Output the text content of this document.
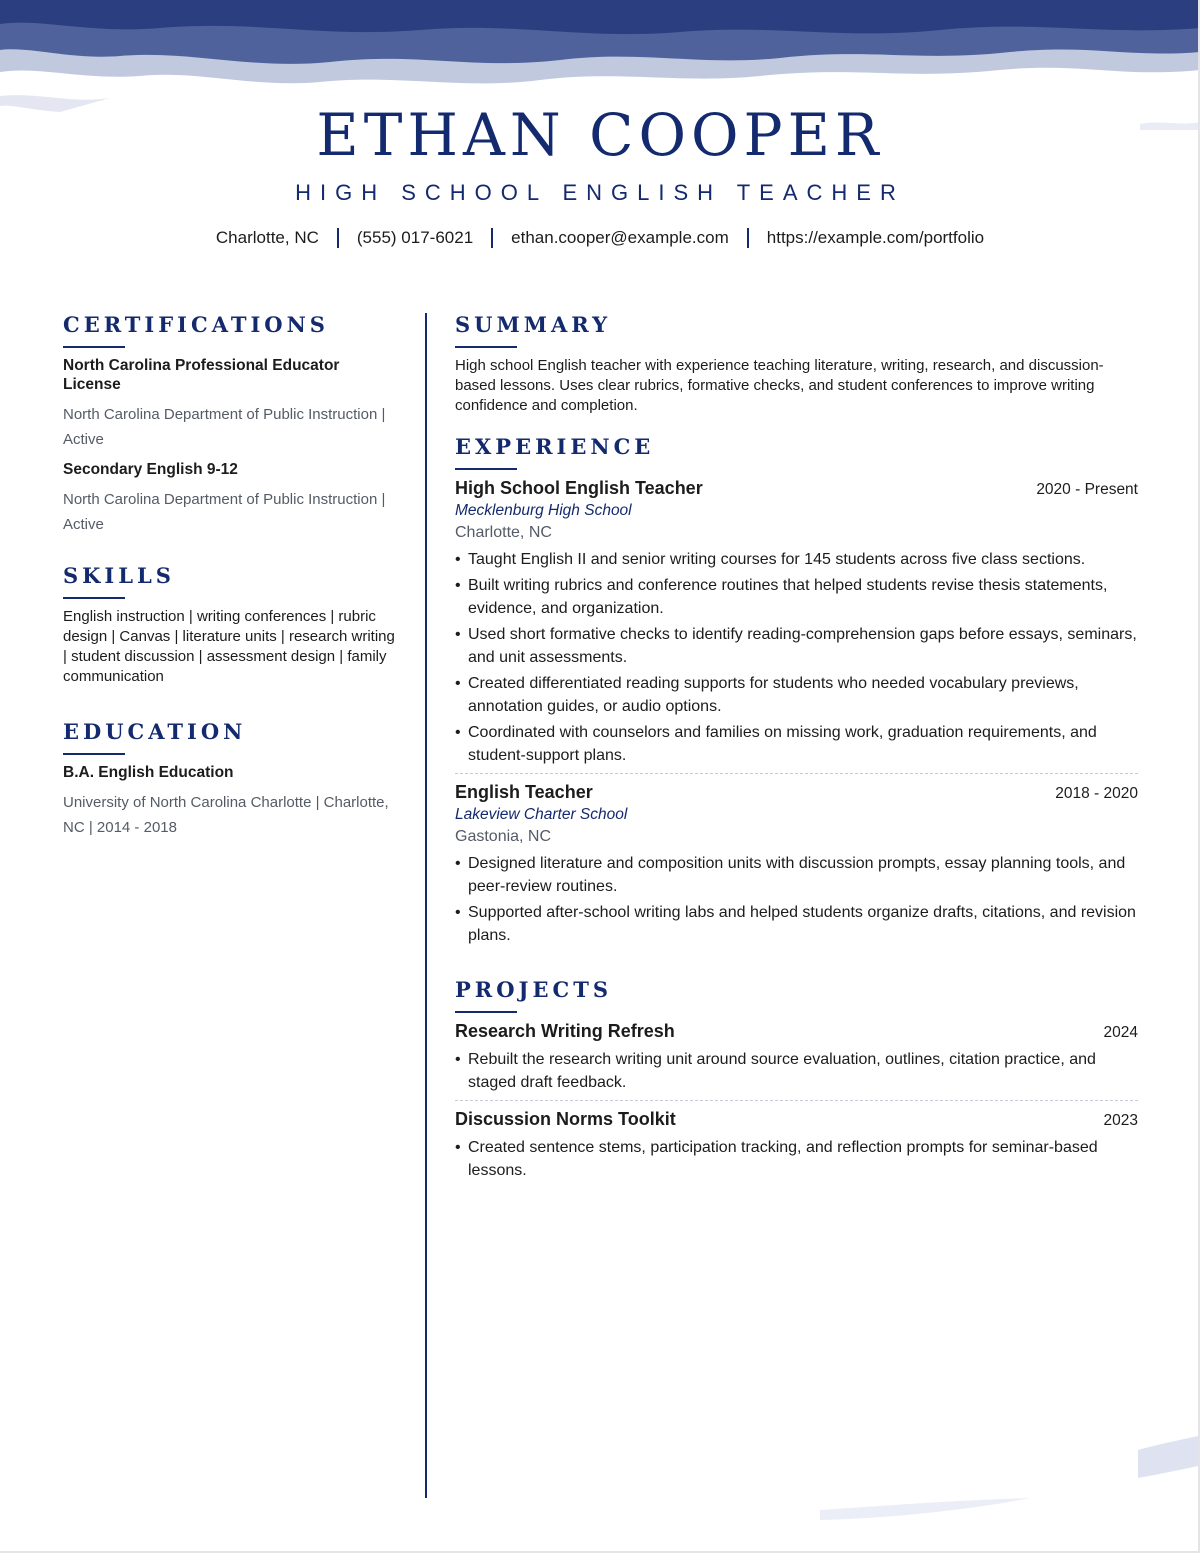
ETHAN COOPER
HIGH SCHOOL ENGLISH TEACHER
Charlotte, NC (555) 017-6021 ethan.cooper@example.com https://example.com/portfolio
CERTIFICATIONS
North Carolina Professional Educator License
North Carolina Department of Public Instruction | Active
Secondary English 9-12
North Carolina Department of Public Instruction | Active
SKILLS
English instruction | writing conferences | rubric design | Canvas | literature units | research writing | student discussion | assessment design | family communication
EDUCATION
B.A. English Education
University of North Carolina Charlotte | Charlotte, NC | 2014 - 2018
SUMMARY
High school English teacher with experience teaching literature, writing, research, and discussion-based lessons. Uses clear rubrics, formative checks, and student conferences to improve writing confidence and completion.
EXPERIENCE
High School English Teacher	2020 - Present
Mecklenburg High School
Charlotte, NC
• Taught English II and senior writing courses for 145 students across five class sections.
• Built writing rubrics and conference routines that helped students revise thesis statements, evidence, and organization.
• Used short formative checks to identify reading-comprehension gaps before essays, seminars, and unit assessments.
• Created differentiated reading supports for students who needed vocabulary previews, annotation guides, or audio options.
• Coordinated with counselors and families on missing work, graduation requirements, and student-support plans.
English Teacher	2018 - 2020
Lakeview Charter School
Gastonia, NC
• Designed literature and composition units with discussion prompts, essay planning tools, and peer-review routines.
• Supported after-school writing labs and helped students organize drafts, citations, and revision plans.
PROJECTS
Research Writing Refresh	2024
• Rebuilt the research writing unit around source evaluation, outlines, citation practice, and staged draft feedback.
Discussion Norms Toolkit	2023
• Created sentence stems, participation tracking, and reflection prompts for seminar-based lessons.
